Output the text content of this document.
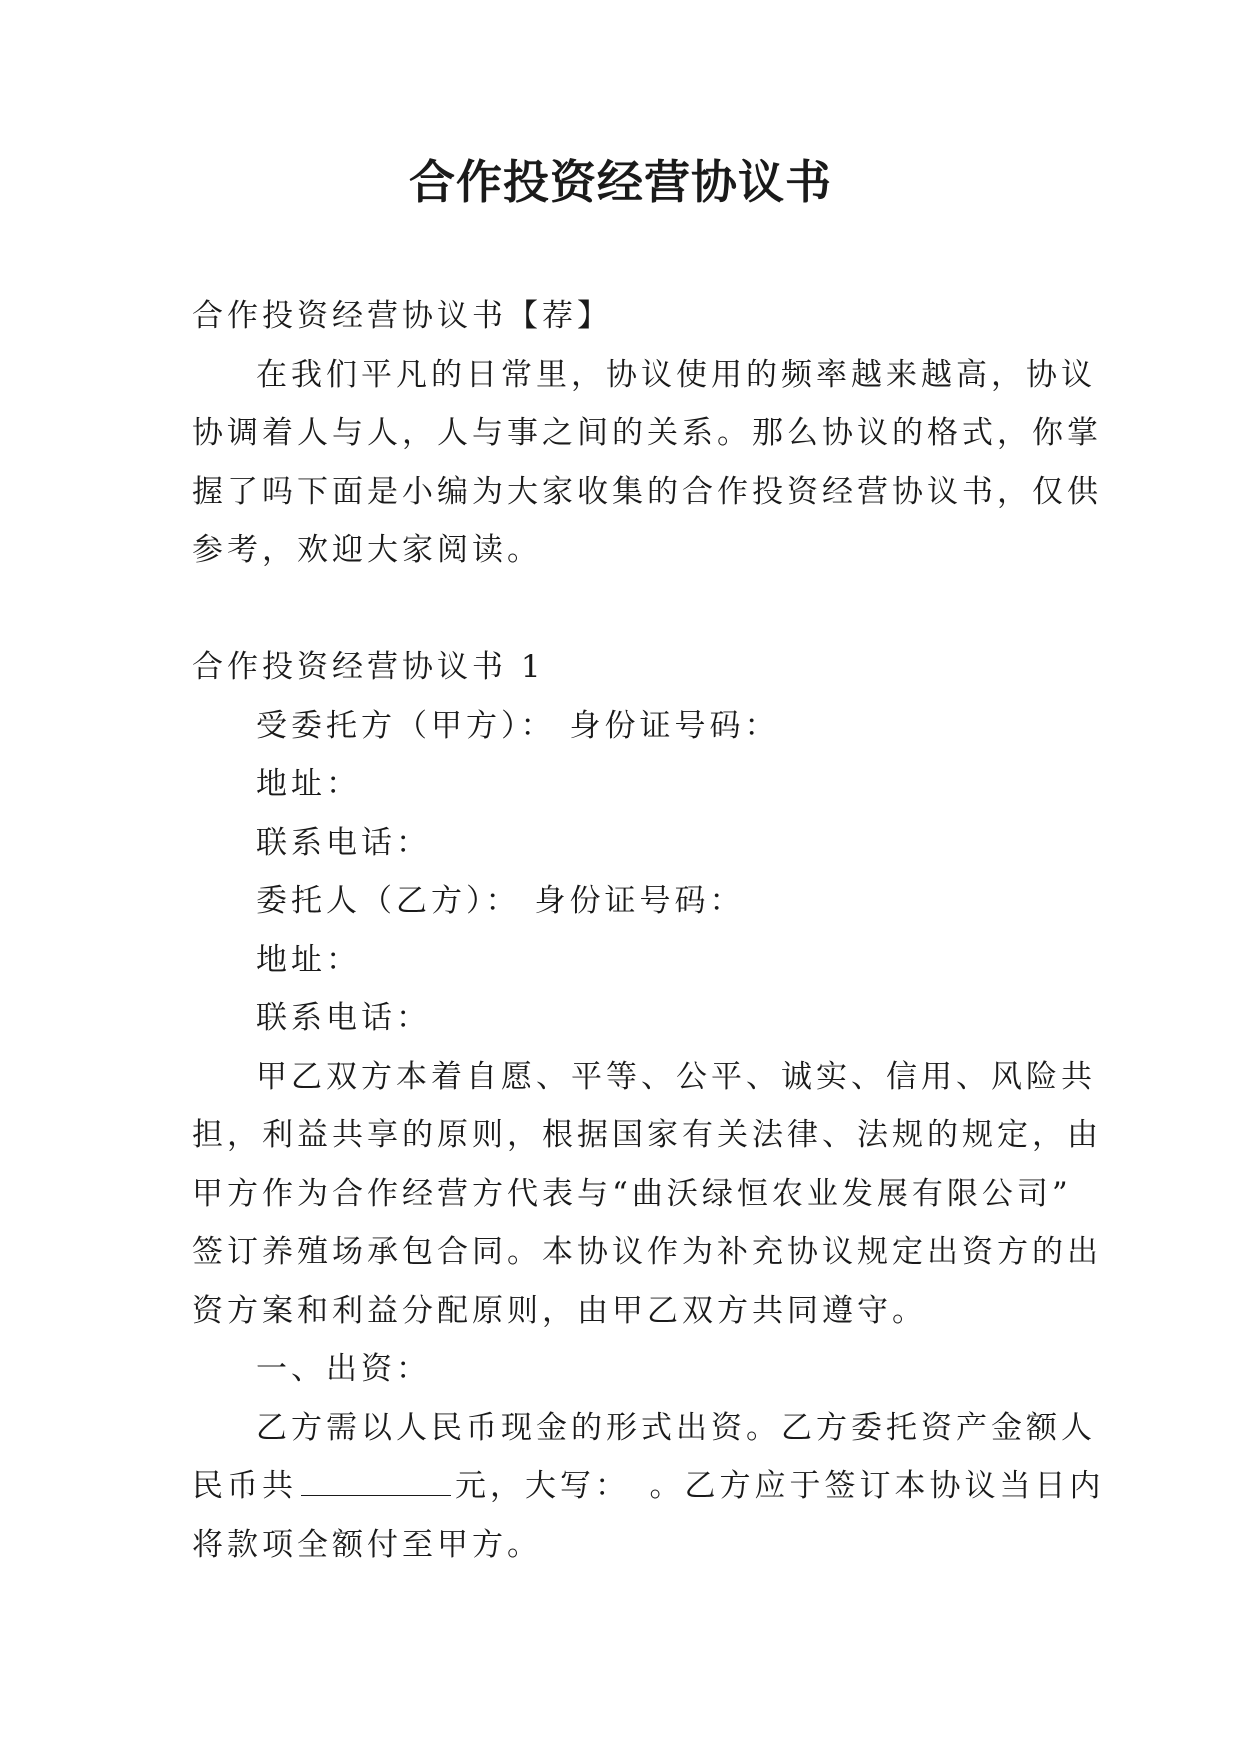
合作投资经营协议书
合作投资经营协议书【荐】
在我们平凡的日常里，协议使用的频率越来越高，协议
协调着人与人，人与事之间的关系。那么协议的格式，你掌
握了吗下面是小编为大家收集的合作投资经营协议书，仅供
参考，欢迎大家阅读。
合作投资经营协议书 1
受委托方（甲方）： 身份证号码：
地址：
联系电话：
委托人（乙方）： 身份证号码：
地址：
联系电话：
甲乙双方本着自愿、平等、公平、诚实、信用、风险共
担，利益共享的原则，根据国家有关法律、法规的规定，由
甲方作为合作经营方代表与“曲沃绿恒农业发展有限公司”
签订养殖场承包合同。本协议作为补充协议规定出资方的出
资方案和利益分配原则，由甲乙双方共同遵守。
一、出资：
乙方需以人民币现金的形式出资。乙方委托资产金额人
民币共	元，大写：　。乙方应于签订本协议当日内
将款项全额付至甲方。
